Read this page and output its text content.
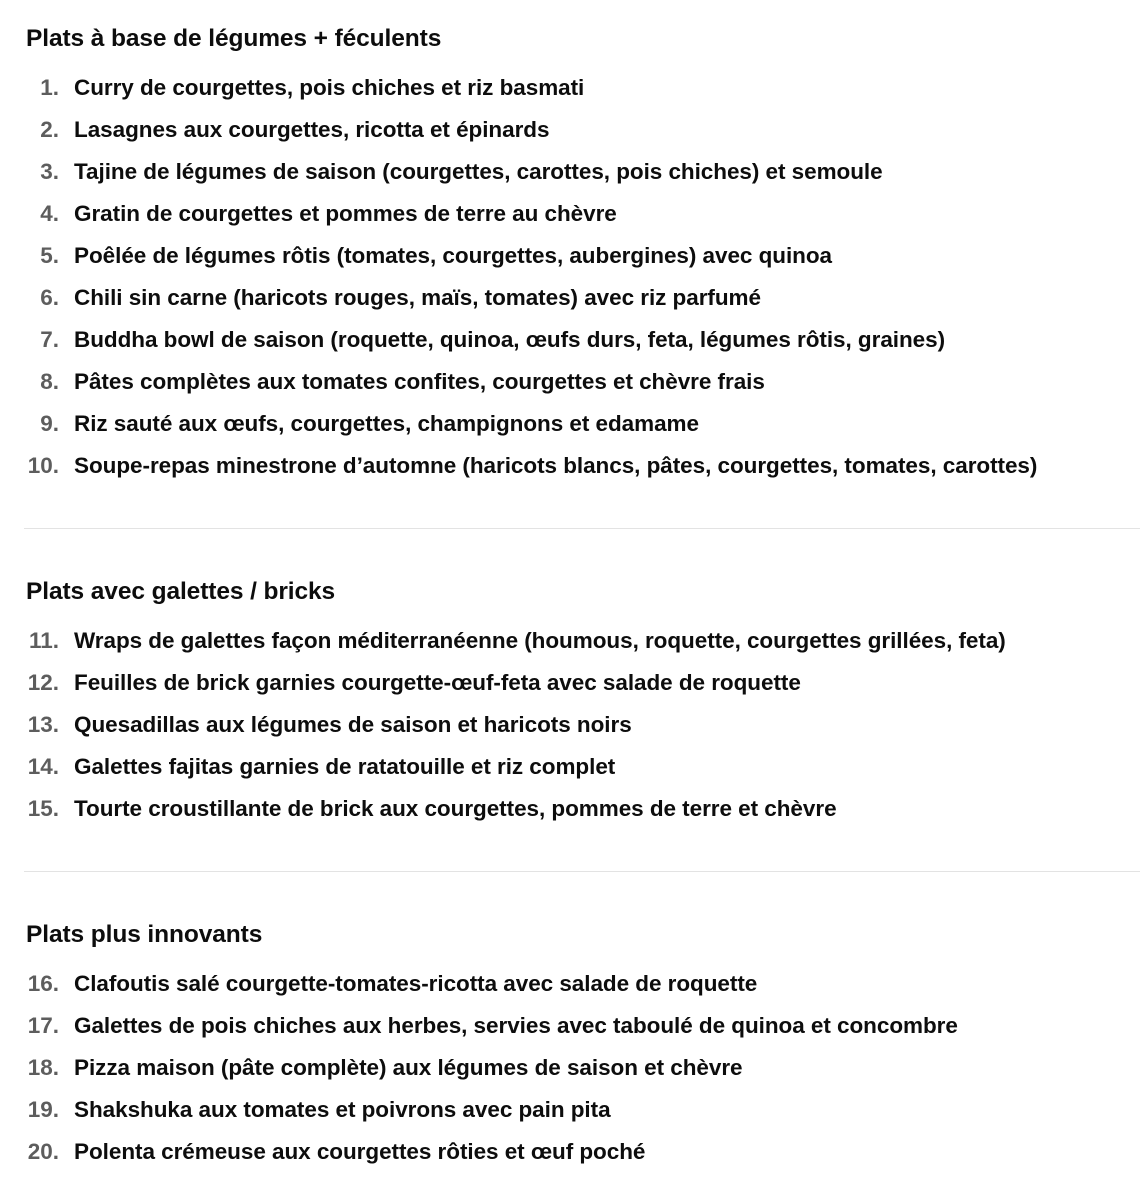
Plats à base de légumes + féculents
1. Curry de courgettes, pois chiches et riz basmati
2. Lasagnes aux courgettes, ricotta et épinards
3. Tajine de légumes de saison (courgettes, carottes, pois chiches) et semoule
4. Gratin de courgettes et pommes de terre au chèvre
5. Poêlée de légumes rôtis (tomates, courgettes, aubergines) avec quinoa
6. Chili sin carne (haricots rouges, maïs, tomates) avec riz parfumé
7. Buddha bowl de saison (roquette, quinoa, œufs durs, feta, légumes rôtis, graines)
8. Pâtes complètes aux tomates confites, courgettes et chèvre frais
9. Riz sauté aux œufs, courgettes, champignons et edamame
10. Soupe-repas minestrone d’automne (haricots blancs, pâtes, courgettes, tomates, carottes)
Plats avec galettes / bricks
11. Wraps de galettes façon méditerranéenne (houmous, roquette, courgettes grillées, feta)
12. Feuilles de brick garnies courgette-œuf-feta avec salade de roquette
13. Quesadillas aux légumes de saison et haricots noirs
14. Galettes fajitas garnies de ratatouille et riz complet
15. Tourte croustillante de brick aux courgettes, pommes de terre et chèvre
Plats plus innovants
16. Clafoutis salé courgette-tomates-ricotta avec salade de roquette
17. Galettes de pois chiches aux herbes, servies avec taboulé de quinoa et concombre
18. Pizza maison (pâte complète) aux légumes de saison et chèvre
19. Shakshuka aux tomates et poivrons avec pain pita
20. Polenta crémeuse aux courgettes rôties et œuf poché
